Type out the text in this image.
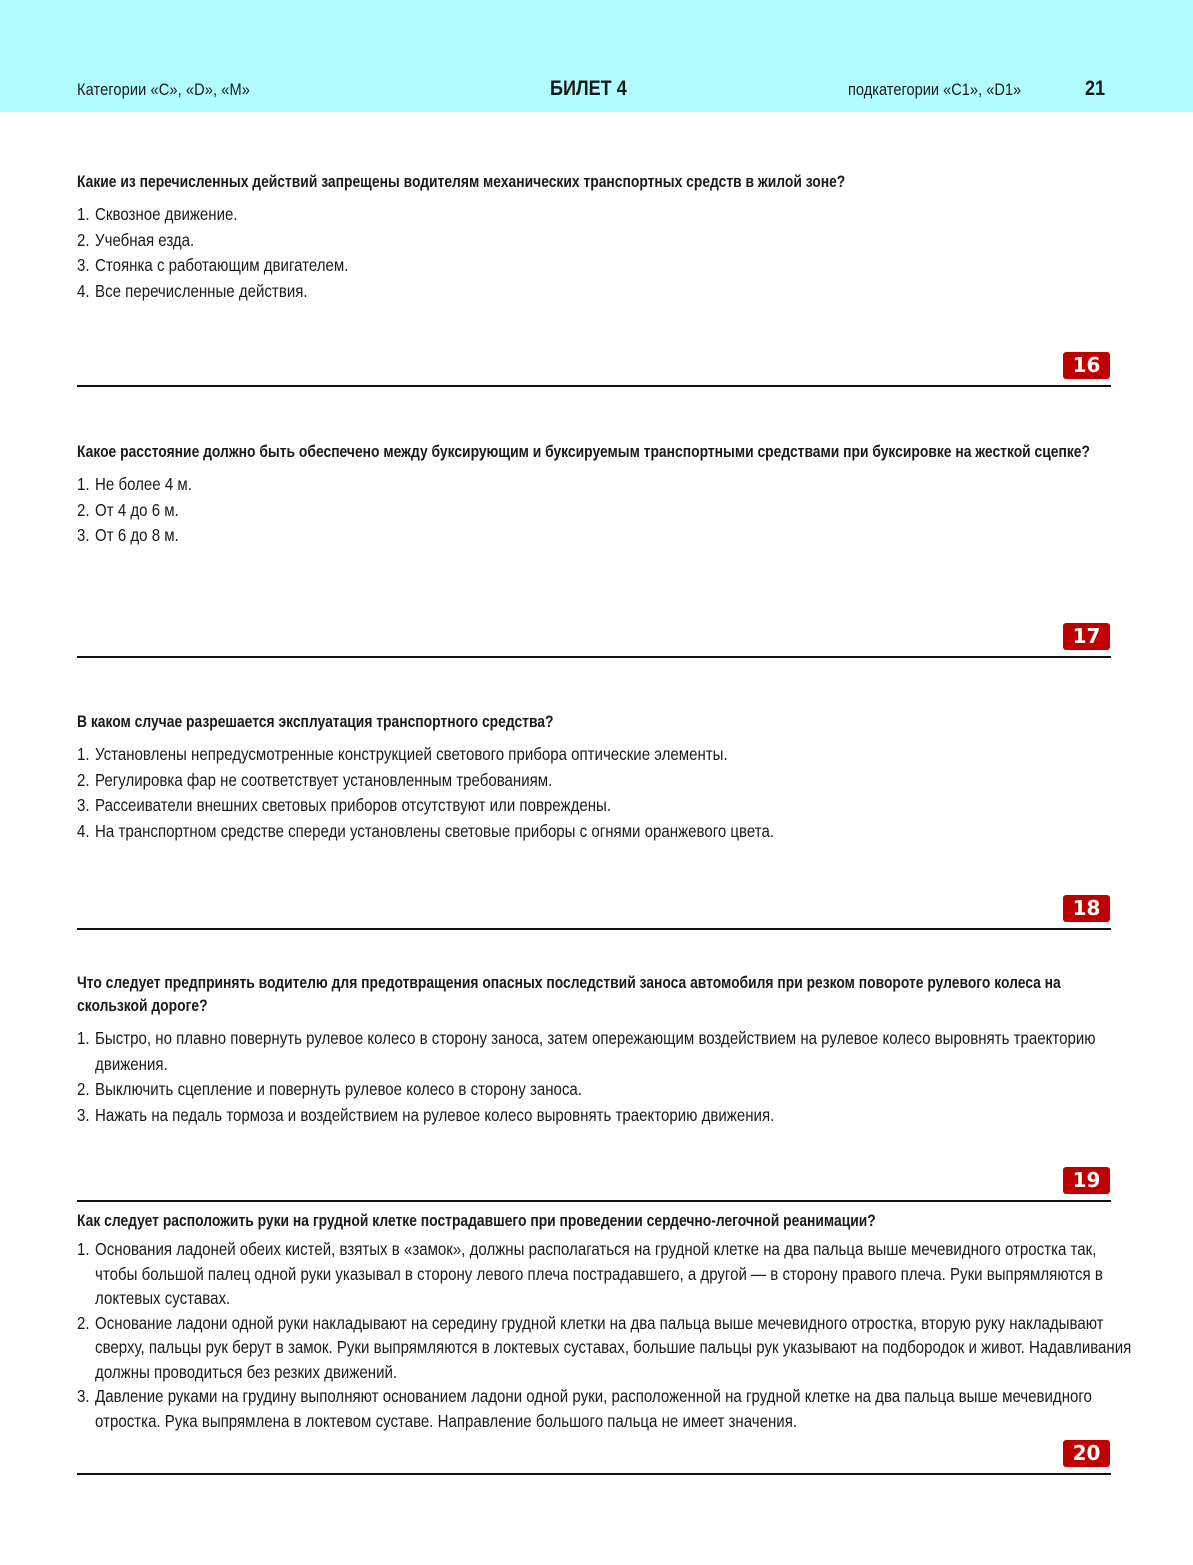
Категории «C», «D», «M»	БИЛЕТ 4	подкатегории «C1», «D1»	21
Какие из перечисленных действий запрещены водителям механических транспортных средств в жилой зоне?
1. Сквозное движение.
2. Учебная езда.
3. Стоянка с работающим двигателем.
4. Все перечисленные действия.
16
Какое расстояние должно быть обеспечено между буксирующим и буксируемым транспортными средствами при буксировке на жесткой сцепке?
1. Не более 4 м.
2. От 4 до 6 м.
3. От 6 до 8 м.
17
В каком случае разрешается эксплуатация транспортного средства?
1. Установлены непредусмотренные конструкцией светового прибора оптические элементы.
2. Регулировка фар не соответствует установленным требованиям.
3. Рассеиватели внешних световых приборов отсутствуют или повреждены.
4. На транспортном средстве спереди установлены световые приборы с огнями оранжевого цвета.
18
Что следует предпринять водителю для предотвращения опасных последствий заноса автомобиля при резком повороте рулевого колеса на скользкой дороге?
1. Быстро, но плавно повернуть рулевое колесо в сторону заноса, затем опережающим воздействием на рулевое колесо выровнять траекторию движения.
2. Выключить сцепление и повернуть рулевое колесо в сторону заноса.
3. Нажать на педаль тормоза и воздействием на рулевое колесо выровнять траекторию движения.
19
Как следует расположить руки на грудной клетке пострадавшего при проведении сердечно-легочной реанимации?
1. Основания ладоней обеих кистей, взятых в «замок», должны располагаться на грудной клетке на два пальца выше мечевидного отростка так, чтобы большой палец одной руки указывал в сторону левого плеча пострадавшего, а другой — в сторону правого плеча. Руки выпрямляются в локтевых суставах.
2. Основание ладони одной руки накладывают на середину грудной клетки на два пальца выше мечевидного отростка, вторую руку накладывают сверху, пальцы рук берут в замок. Руки выпрямляются в локтевых суставах, большие пальцы рук указывают на подбородок и живот. Надавливания должны проводиться без резких движений.
3. Давление руками на грудину выполняют основанием ладони одной руки, расположенной на грудной клетке на два пальца выше мечевидного отростка. Рука выпрямлена в локтевом суставе. Направление большого пальца не имеет значения.
20
